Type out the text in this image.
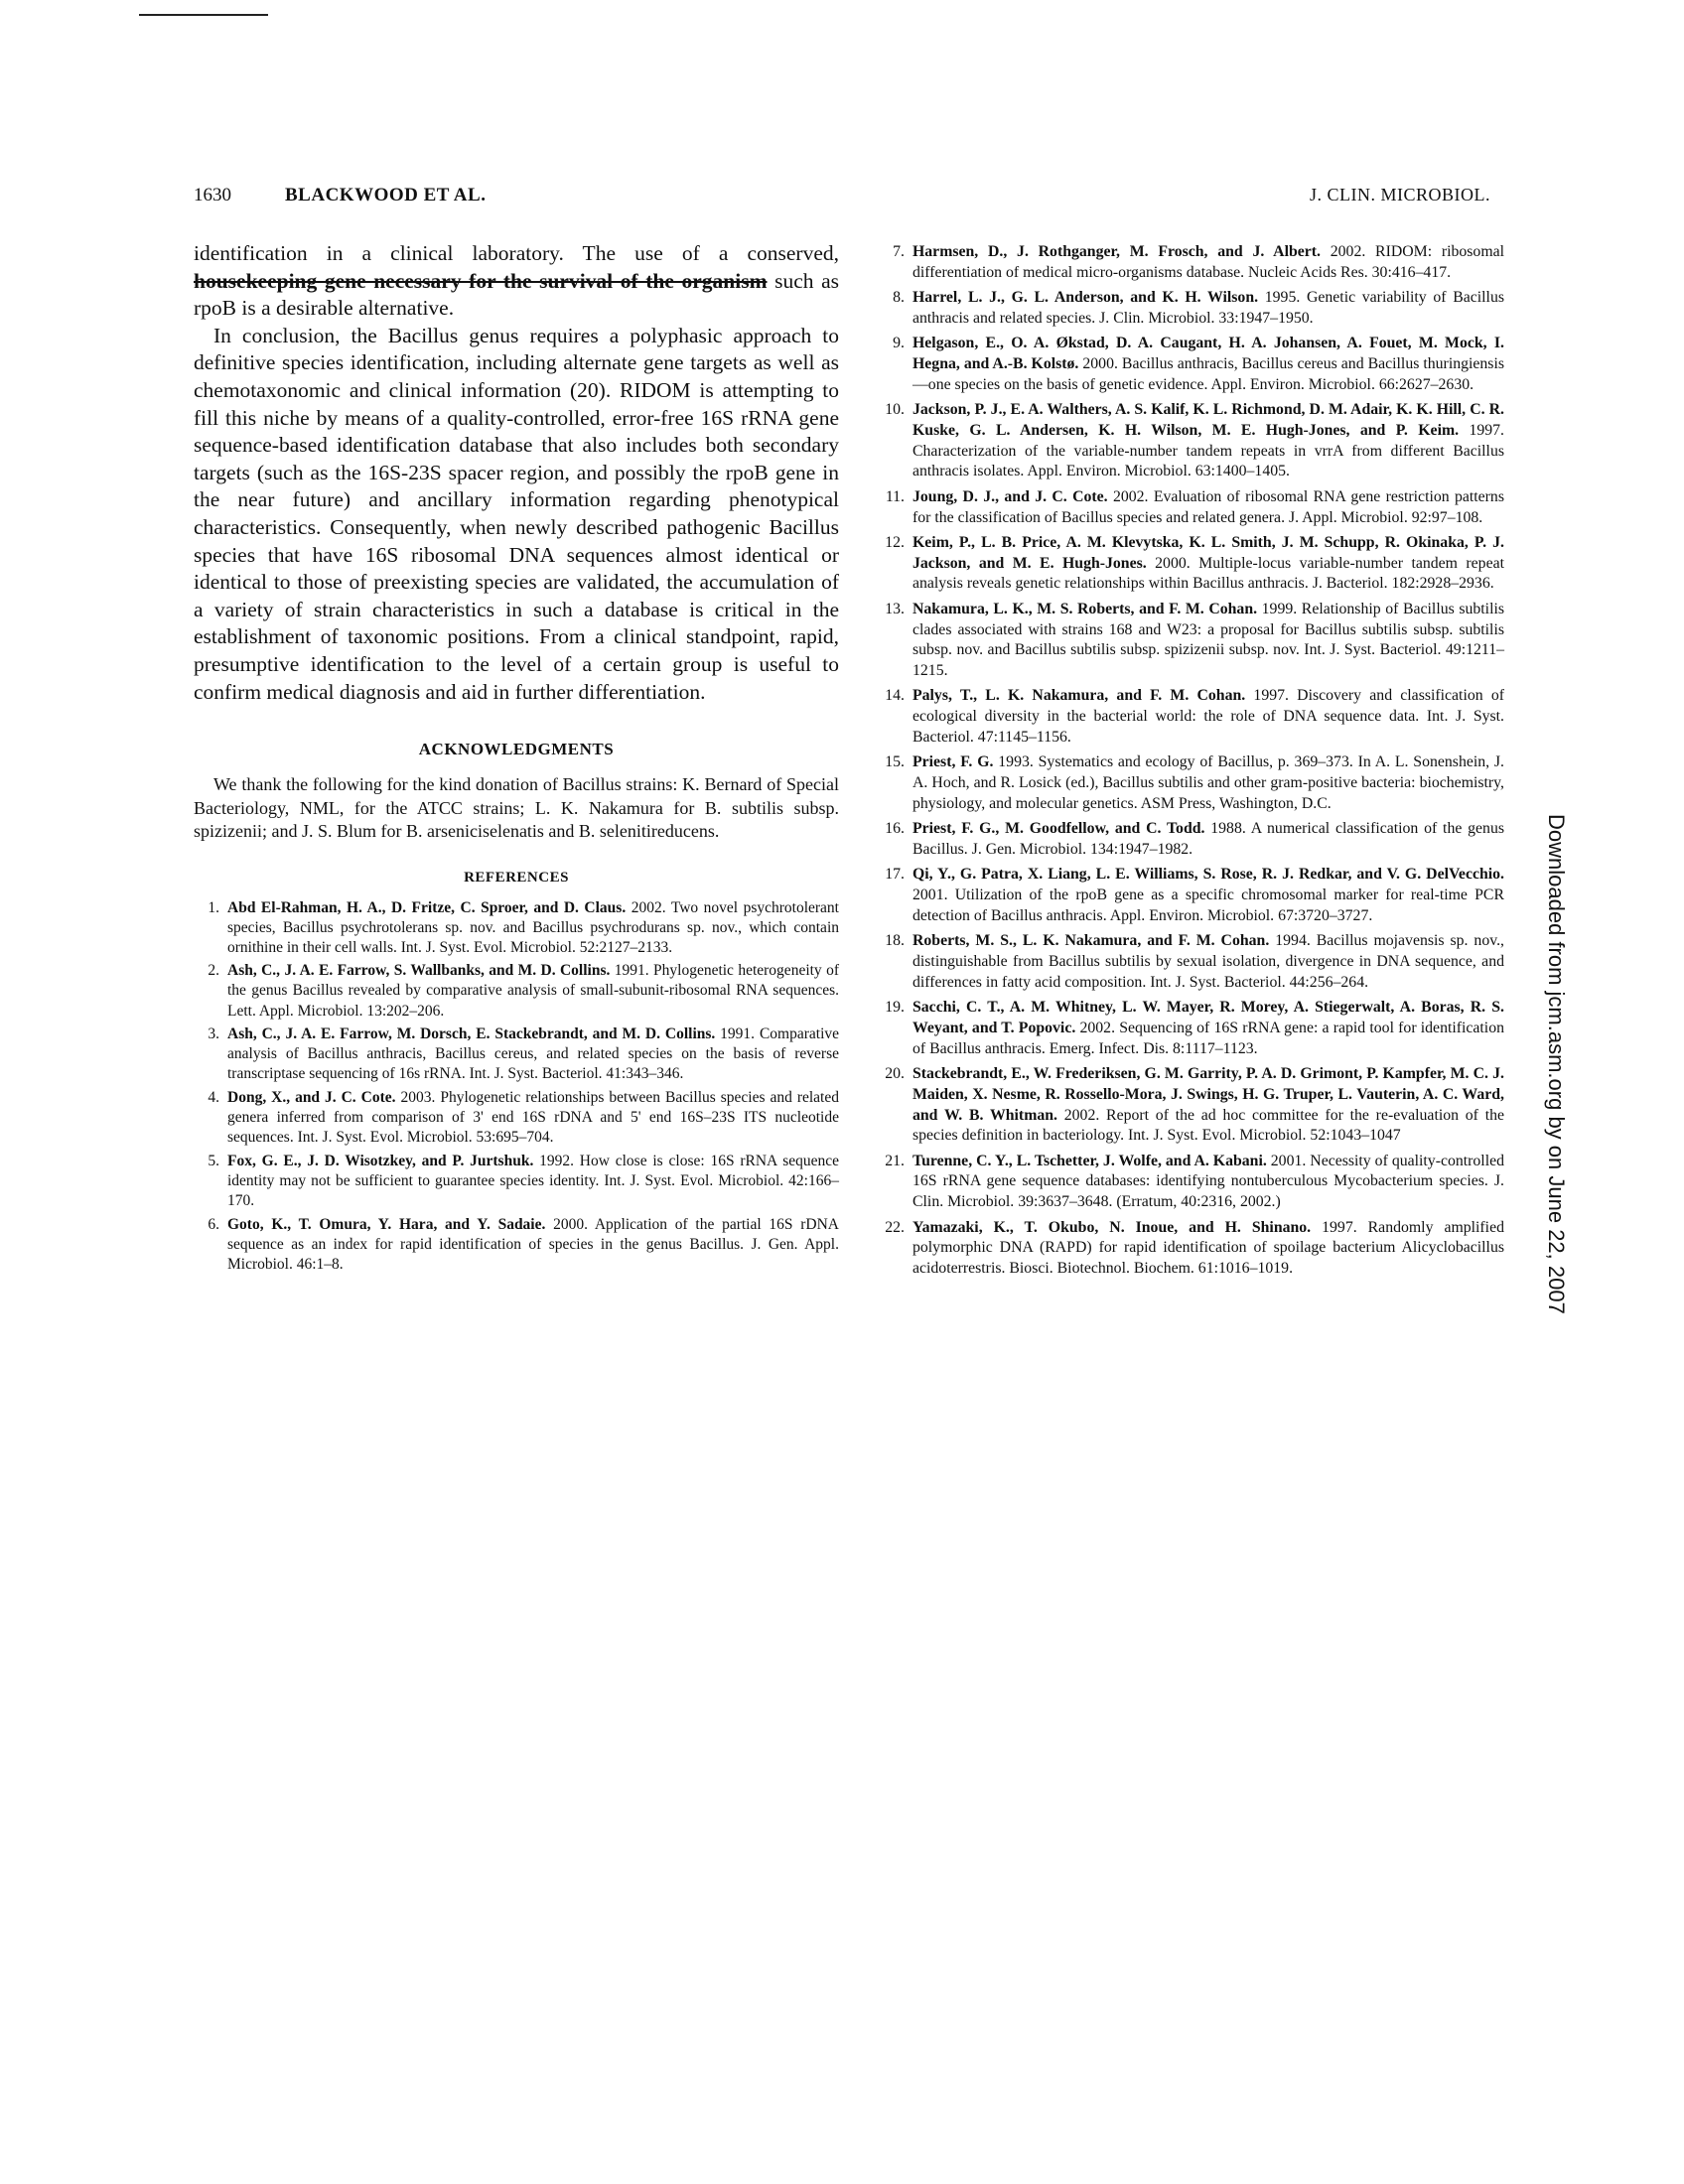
1630	BLACKWOOD ET AL.	J. CLIN. MICROBIOL.

identification in a clinical laboratory. The use of a conserved, housekeeping gene necessary for the survival of the organism such as rpoB is a desirable alternative.

In conclusion, the Bacillus genus requires a polyphasic approach to definitive species identification, including alternate gene targets as well as chemotaxonomic and clinical information (20). RIDOM is attempting to fill this niche by means of a quality-controlled, error-free 16S rRNA gene sequence-based identification database that also includes both secondary targets (such as the 16S-23S spacer region, and possibly the rpoB gene in the near future) and ancillary information regarding phenotypical characteristics. Consequently, when newly described pathogenic Bacillus species that have 16S ribosomal DNA sequences almost identical or identical to those of preexisting species are validated, the accumulation of a variety of strain characteristics in such a database is critical in the establishment of taxonomic positions. From a clinical standpoint, rapid, presumptive identification to the level of a certain group is useful to confirm medical diagnosis and aid in further differentiation.

ACKNOWLEDGMENTS

We thank the following for the kind donation of Bacillus strains: K. Bernard of Special Bacteriology, NML, for the ATCC strains; L. K. Nakamura for B. subtilis subsp. spizizenii; and J. S. Blum for B. arseniciselenatis and B. selenitireducens.

REFERENCES
1. Abd El-Rahman, H. A., D. Fritze, C. Sproer, and D. Claus. 2002. Two novel psychrotolerant species, Bacillus psychrotolerans sp. nov. and Bacillus psychrodurans sp. nov., which contain ornithine in their cell walls. Int. J. Syst. Evol. Microbiol. 52:2127–2133.
2. Ash, C., J. A. E. Farrow, S. Wallbanks, and M. D. Collins. 1991. Phylogenetic heterogeneity of the genus Bacillus revealed by comparative analysis of small-subunit-ribosomal RNA sequences. Lett. Appl. Microbiol. 13:202–206.
3. Ash, C., J. A. E. Farrow, M. Dorsch, E. Stackebrandt, and M. D. Collins. 1991. Comparative analysis of Bacillus anthracis, Bacillus cereus, and related species on the basis of reverse transcriptase sequencing of 16s rRNA. Int. J. Syst. Bacteriol. 41:343–346.
4. Dong, X., and J. C. Cote. 2003. Phylogenetic relationships between Bacillus species and related genera inferred from comparison of 3' end 16S rDNA and 5' end 16S–23S ITS nucleotide sequences. Int. J. Syst. Evol. Microbiol. 53:695–704.
5. Fox, G. E., J. D. Wisotzkey, and P. Jurtshuk. 1992. How close is close: 16S rRNA sequence identity may not be sufficient to guarantee species identity. Int. J. Syst. Evol. Microbiol. 42:166–170.
6. Goto, K., T. Omura, Y. Hara, and Y. Sadaie. 2000. Application of the partial 16S rDNA sequence as an index for rapid identification of species in the genus Bacillus. J. Gen. Appl. Microbiol. 46:1–8.
7. Harmsen, D., J. Rothganger, M. Frosch, and J. Albert. 2002. RIDOM: ribosomal differentiation of medical micro-organisms database. Nucleic Acids Res. 30:416–417.
8. Harrel, L. J., G. L. Anderson, and K. H. Wilson. 1995. Genetic variability of Bacillus anthracis and related species. J. Clin. Microbiol. 33:1947–1950.
9. Helgason, E., O. A. Økstad, D. A. Caugant, H. A. Johansen, A. Fouet, M. Mock, I. Hegna, and A.-B. Kolstø. 2000. Bacillus anthracis, Bacillus cereus and Bacillus thuringiensis—one species on the basis of genetic evidence. Appl. Environ. Microbiol. 66:2627–2630.
10. Jackson, P. J., E. A. Walthers, A. S. Kalif, K. L. Richmond, D. M. Adair, K. K. Hill, C. R. Kuske, G. L. Andersen, K. H. Wilson, M. E. Hugh-Jones, and P. Keim. 1997. Characterization of the variable-number tandem repeats in vrrA from different Bacillus anthracis isolates. Appl. Environ. Microbiol. 63:1400–1405.
11. Joung, D. J., and J. C. Cote. 2002. Evaluation of ribosomal RNA gene restriction patterns for the classification of Bacillus species and related genera. J. Appl. Microbiol. 92:97–108.
12. Keim, P., L. B. Price, A. M. Klevytska, K. L. Smith, J. M. Schupp, R. Okinaka, P. J. Jackson, and M. E. Hugh-Jones. 2000. Multiple-locus variable-number tandem repeat analysis reveals genetic relationships within Bacillus anthracis. J. Bacteriol. 182:2928–2936.
13. Nakamura, L. K., M. S. Roberts, and F. M. Cohan. 1999. Relationship of Bacillus subtilis clades associated with strains 168 and W23: a proposal for Bacillus subtilis subsp. subtilis subsp. nov. and Bacillus subtilis subsp. spizizenii subsp. nov. Int. J. Syst. Bacteriol. 49:1211–1215.
14. Palys, T., L. K. Nakamura, and F. M. Cohan. 1997. Discovery and classification of ecological diversity in the bacterial world: the role of DNA sequence data. Int. J. Syst. Bacteriol. 47:1145–1156.
15. Priest, F. G. 1993. Systematics and ecology of Bacillus, p. 369–373. In A. L. Sonenshein, J. A. Hoch, and R. Losick (ed.), Bacillus subtilis and other gram-positive bacteria: biochemistry, physiology, and molecular genetics. ASM Press, Washington, D.C.
16. Priest, F. G., M. Goodfellow, and C. Todd. 1988. A numerical classification of the genus Bacillus. J. Gen. Microbiol. 134:1947–1982.
17. Qi, Y., G. Patra, X. Liang, L. E. Williams, S. Rose, R. J. Redkar, and V. G. DelVecchio. 2001. Utilization of the rpoB gene as a specific chromosomal marker for real-time PCR detection of Bacillus anthracis. Appl. Environ. Microbiol. 67:3720–3727.
18. Roberts, M. S., L. K. Nakamura, and F. M. Cohan. 1994. Bacillus mojavensis sp. nov., distinguishable from Bacillus subtilis by sexual isolation, divergence in DNA sequence, and differences in fatty acid composition. Int. J. Syst. Bacteriol. 44:256–264.
19. Sacchi, C. T., A. M. Whitney, L. W. Mayer, R. Morey, A. Stiegerwalt, A. Boras, R. S. Weyant, and T. Popovic. 2002. Sequencing of 16S rRNA gene: a rapid tool for identification of Bacillus anthracis. Emerg. Infect. Dis. 8:1117–1123.
20. Stackebrandt, E., W. Frederiksen, G. M. Garrity, P. A. D. Grimont, P. Kampfer, M. C. J. Maiden, X. Nesme, R. Rossello-Mora, J. Swings, H. G. Truper, L. Vauterin, A. C. Ward, and W. B. Whitman. 2002. Report of the ad hoc committee for the re-evaluation of the species definition in bacteriology. Int. J. Syst. Evol. Microbiol. 52:1043–1047
21. Turenne, C. Y., L. Tschetter, J. Wolfe, and A. Kabani. 2001. Necessity of quality-controlled 16S rRNA gene sequence databases: identifying nontuberculous Mycobacterium species. J. Clin. Microbiol. 39:3637–3648. (Erratum, 40:2316, 2002.)
22. Yamazaki, K., T. Okubo, N. Inoue, and H. Shinano. 1997. Randomly amplified polymorphic DNA (RAPD) for rapid identification of spoilage bacterium Alicyclobacillus acidoterrestris. Biosci. Biotechnol. Biochem. 61:1016–1019.	Downloaded from jcm.asm.org by on June 22, 2007
